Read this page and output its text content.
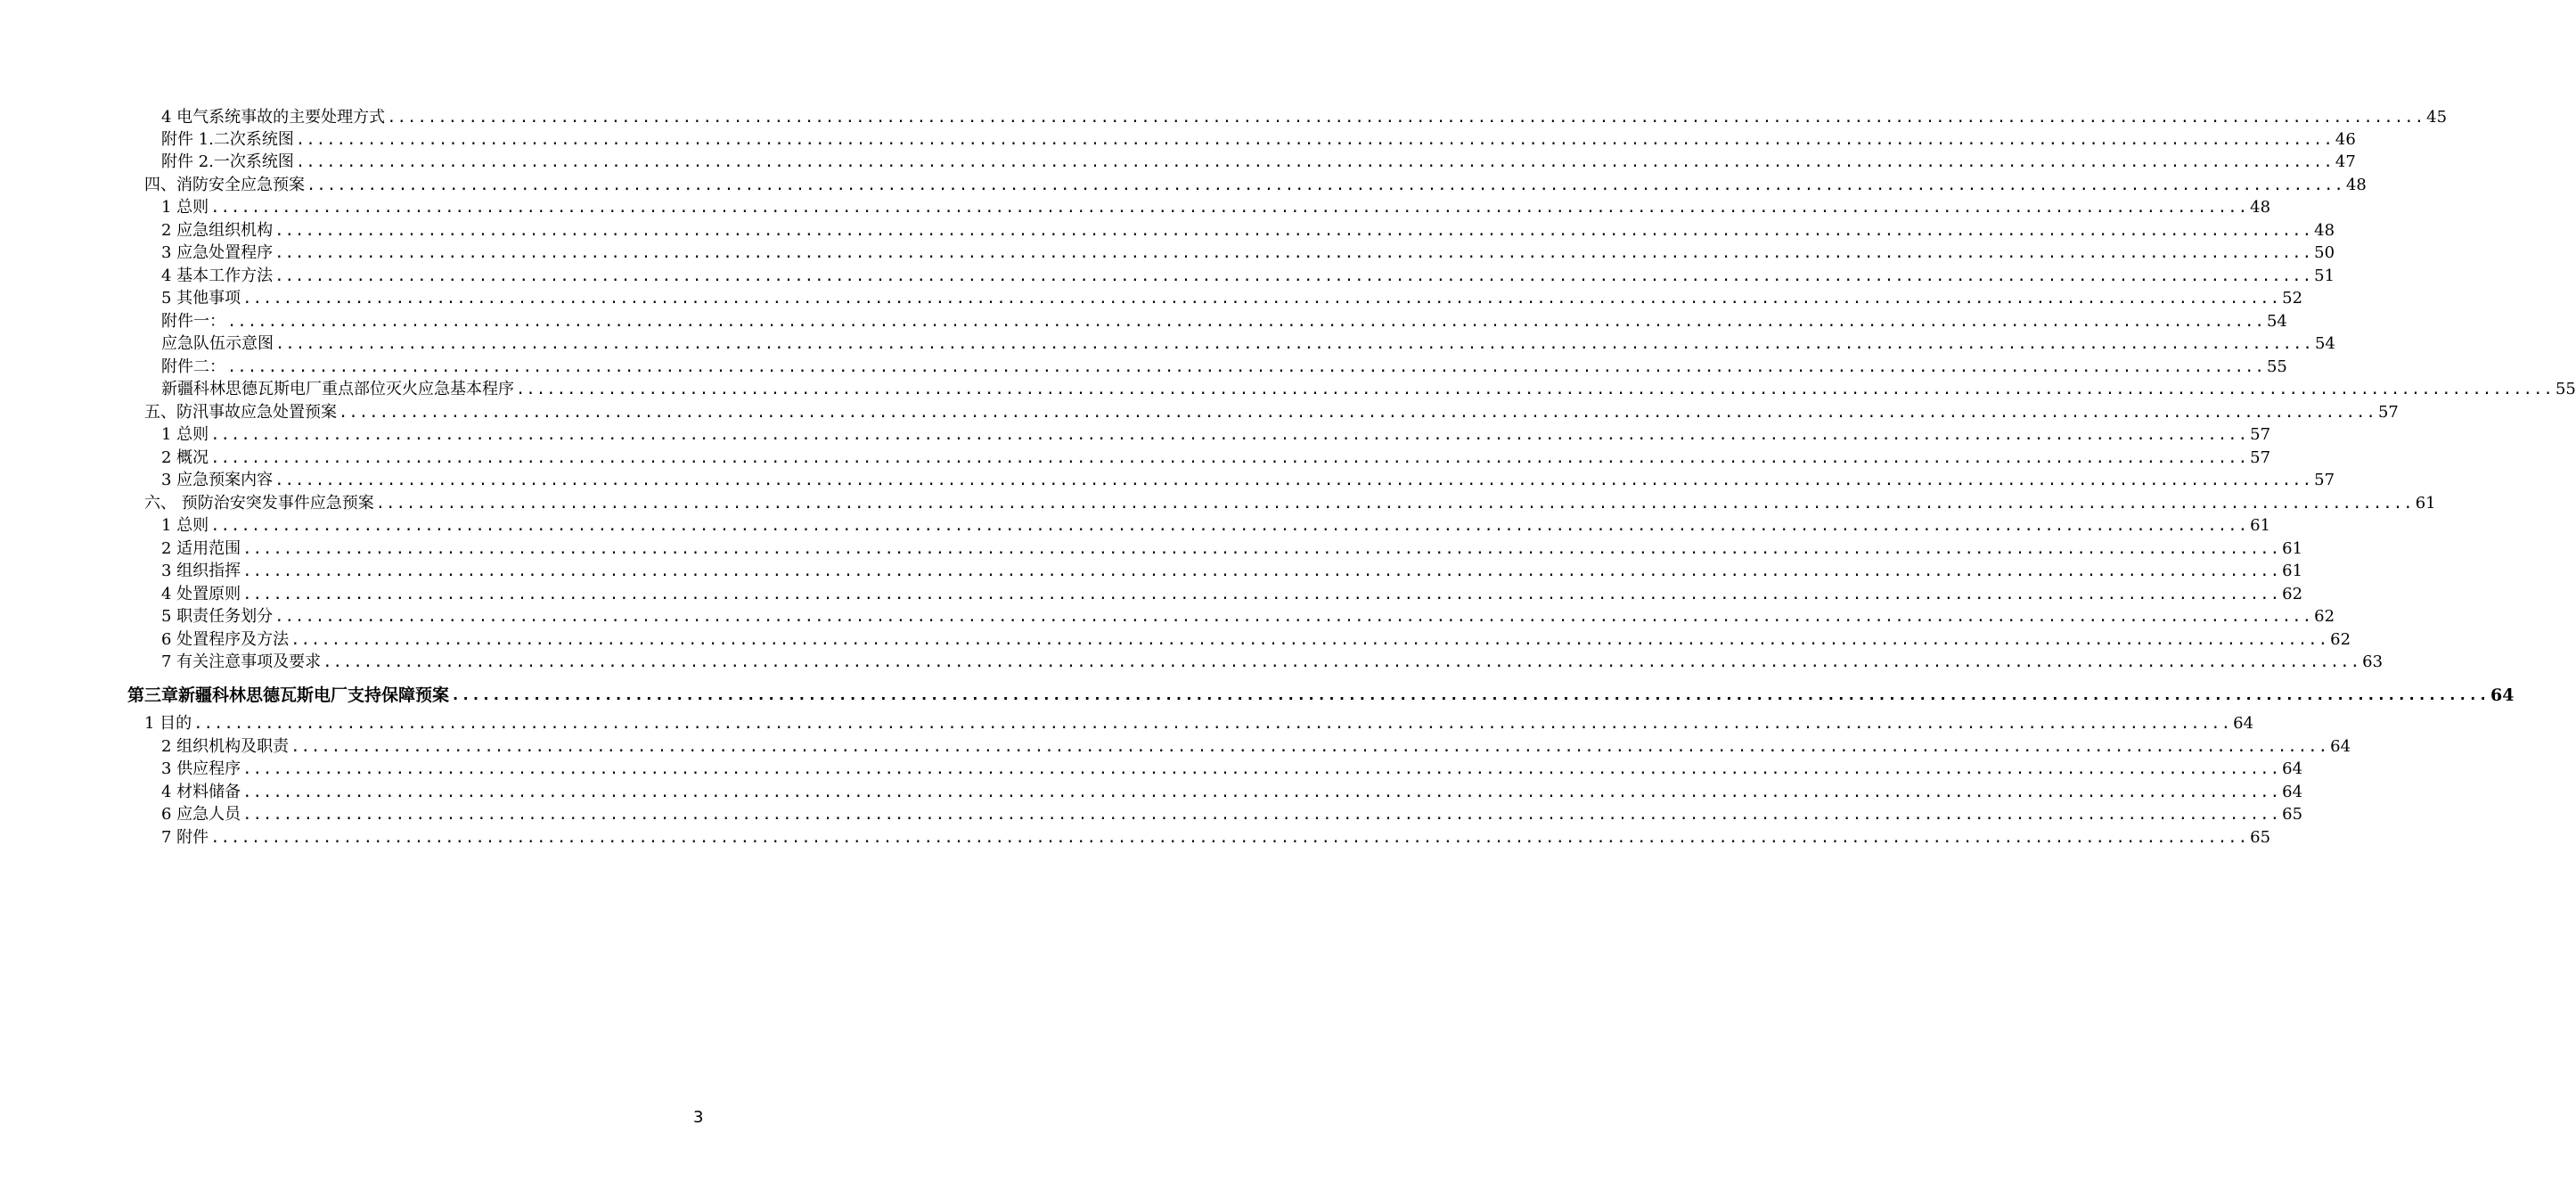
4 电气系统事故的主要处理方式 ........................................................................................................................................................................................................ 45
附件 1.二次系统图 ........................................................................................................................................................................................................ 46
附件 2.一次系统图 ........................................................................................................................................................................................................ 47
四、消防安全应急预案 ........................................................................................................................................................................................................ 48
1 总则 ........................................................................................................................................................................................................ 48
2 应急组织机构 ........................................................................................................................................................................................................ 48
3 应急处置程序 ........................................................................................................................................................................................................ 50
4 基本工作方法 ........................................................................................................................................................................................................ 51
5 其他事项 ........................................................................................................................................................................................................ 52
附件一： ........................................................................................................................................................................................................ 54
应急队伍示意图 ........................................................................................................................................................................................................ 54
附件二： ........................................................................................................................................................................................................ 55
新疆科林思德瓦斯电厂重点部位灭火应急基本程序 ........................................................................................................................................................................................................ 55
五、防汛事故应急处置预案 ........................................................................................................................................................................................................ 57
1 总则 ........................................................................................................................................................................................................ 57
2 概况 ........................................................................................................................................................................................................ 57
3 应急预案内容 ........................................................................................................................................................................................................ 57
六、 预防治安突发事件应急预案 ........................................................................................................................................................................................................ 61
1 总则 ........................................................................................................................................................................................................ 61
2 适用范围 ........................................................................................................................................................................................................ 61
3 组织指挥 ........................................................................................................................................................................................................ 61
4 处置原则 ........................................................................................................................................................................................................ 62
5 职责任务划分 ........................................................................................................................................................................................................ 62
6 处置程序及方法 ........................................................................................................................................................................................................ 62
7 有关注意事项及要求 ........................................................................................................................................................................................................ 63
第三章新疆科林思德瓦斯电厂支持保障预案 ........................................................................................................................................................................................................ 64
1 目的 ........................................................................................................................................................................................................ 64
2 组织机构及职责 ........................................................................................................................................................................................................ 64
3 供应程序 ........................................................................................................................................................................................................ 64
4 材料储备 ........................................................................................................................................................................................................ 64
6 应急人员 ........................................................................................................................................................................................................ 65
7 附件 ........................................................................................................................................................................................................ 65
3
